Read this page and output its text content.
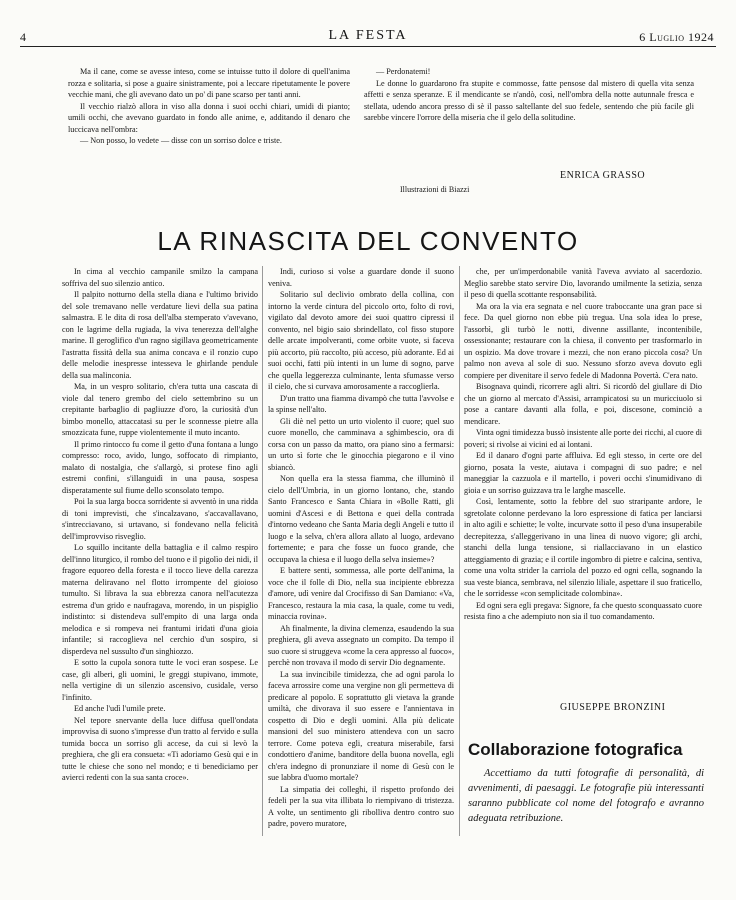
4	LA FESTA	6 Luglio 1924

Ma il cane, come se avesse inteso, come se intuisse tutto il dolore di quell'anima rozza e solitaria, si pose a guaire sinistramente, poi a leccare ripetutamente le povere vecchie mani, che gli avevano dato un po' di pane scarso per tanti anni.

Il vecchio rialzò allora in viso alla donna i suoi occhi chiari, umidi di pianto; umili occhi, che avevano guardato in fondo alle anime, e, additando il denaro che luccicava nell'ombra:

— Non posso, lo vedete — disse con un sorriso dolce e triste.

— Perdonatemi!

Le donne lo guardarono fra stupite e commosse, fatte pensose dal mistero di quella vita senza affetti e senza speranze. E il mendicante se n'andò, così, nell'ombra della notte autunnale fresca e stellata, udendo ancora presso di sè il passo saltellante del suo fedele, sentendo che più facile gli sarebbe vincere l'orrore della miseria che il gelo della solitudine.

ENRICA GRASSO
Illustrazioni di Biazzi
LA RINASCITA DEL CONVENTO

In cima al vecchio campanile smilzo la campana soffriva del suo silenzio antico.

Il palpito notturno della stella diana e l'ultimo brivido del sole tremavano nelle verdature lievi della sua patina salmastra. E le dita di rosa dell'alba stemperato v'avevano, con le lagrime della rugiada, la viva tenerezza dell'alghe marine. Il geroglifico d'un ragno sigillava geometricamente l'astratta fissità della sua anima concava e il ronzio cupo delle melodie inespresse intesseva le ghirlande pendule della sua malinconia.

Ma, in un vespro solitario, ch'era tutta una cascata di viole dal tenero grembo del cielo settembrino su un crepitante barbaglio di pagliuzze d'oro, la curiosità d'un bimbo monello, attaccatasi su per le sconnesse pietre alla smozzicata fune, ruppe violentemente il muto incanto.

Il primo rintocco fu come il getto d'una fontana a lungo compresso: roco, avido, lungo, soffocato di rimpianto, malato di nostalgia, che s'allargò, si protese fino agli estremi confini, s'illanguidì in una pausa, sospesa disperatamente sul fiume dello sconsolato tempo.

Poi la sua larga bocca sorridente si avventò in una ridda di toni imprevisti, che s'incalzavano, s'accavallavano, s'intrecciavano, si urtavano, si fondevano nella felicità dell'improvviso risveglio.

Lo squillo incitante della battaglia e il calmo respiro dell'inno liturgico, il rombo del tuono e il pigolìo dei nidi, il fragore equoreo della foresta e il tocco lieve della carezza materna deliravano nel flotto irrompente del gioioso tumulto. Si librava la sua ebbrezza canora nell'acutezza estrema d'un grido e naufragava, morendo, in un pispiglio indistinto: si distendeva sull'empito di una larga onda melodica e si rompeva nei frantumi iridati d'una gioia infantile; si raccoglieva nel cerchio d'un sospiro, si disperdeva nel sussulto d'un singhiozzo.

E sotto la cupola sonora tutte le voci eran sospese. Le case, gli alberi, gli uomini, le greggi stupivano, immote, nella vertigine di un silenzio ascensivo, cusidale, verso l'infinito.

Ed anche l'udì l'umile prete.

Nel tepore snervante della luce diffusa quell'ondata improvvisa di suono s'impresse d'un tratto al fervido e sulla tumida bocca un sorriso gli accese, da cui si levò la preghiera, che gli era consueta: «Ti adoriamo Gesù qui e in tutte le chiese che sono nel mondo; e ti benediciamo per avierci redenti con la sua santa croce».

Indi, curioso si volse a guardare donde il suono veniva.

Solitario sul declivio ombrato della collina, con intorno la verde cintura del piccolo orto, folto di rovi, vigilato dal devoto amore dei suoi quattro cipressi il convento, nel bigio saio sbrindellato, col fisso stupore delle arcate impolveranti, come orbite vuote, si faceva più accorto, più raccolto, più acceso, più adorante. Ed ai suoi occhi, fatti più intenti in un lume di sogno, parve che quella leggerezza culminante, lenta sfumasse verso il cielo, che si curvava amorosamente a raccoglierla.

D'un tratto una fiamma divampò che tutta l'avvolse e la spinse nell'alto.

Gli diè nel petto un urto violento il cuore; quel suo cuore monello, che camminava a sghimbescio, ora di corsa con un passo da matto, ora piano sino a fermarsi: un urto sì forte che le ginocchia piegarono e il vino sbiancò.

Non quella era la stessa fiamma, che illuminò il cielo dell'Umbria, in un giorno lontano, che, stando Santo Francesco e Santa Chiara in «Bolle Ratti, gli uomini d'Ascesi e di Bettona e quei della contrada d'intorno vedeano che Santa Maria degli Angeli e tutto il luogo e la selva, ch'era allora allato al luogo, ardevano fortemente; e para che fosse un fuoco grande, che occupava la chiesa e il luogo della selva insieme»?

E battere senti, sommessa, alle porte dell'anima, la voce che il folle di Dio, nella sua incipiente ebbrezza d'amore, udì venire dal Crocifisso di San Damiano: «Va, Francesco, restaura la mia casa, la quale, come tu vedi, minaccia rovina».

Ah finalmente, la divina clemenza, esaudendo la sua preghiera, gli aveva assegnato un compito. Da tempo il suo cuore si struggeva «come la cera appresso al fuoco», perchè non trovava il modo di servir Dio degnamente.

La sua invincibile timidezza, che ad ogni parola lo faceva arrossire come una vergine non gli permetteva di predicare al popolo. E soprattutto gli vietava la grande umiltà, che divorava il suo essere e l'annientava in cospetto di Dio e degli uomini. Alla più delicate mansioni del suo ministero attendeva con un sacro terrore. Come poteva egli, creatura miserabile, farsi condottiero d'anime, banditore della buona novella, egli ch'era indegno di pronunziare il nome di Gesù con le sue labbra d'uomo mortale?

La simpatia dei colleghi, il rispetto profondo dei fedeli per la sua vita illibata lo riempivano di tristezza. A volte, un sentimento gli ribolliva dentro contro suo padre, povero muratore,

che, per un'imperdonabile vanità l'aveva avviato al sacerdozio. Meglio sarebbe stato servire Dio, lavorando umilmente la setizia, senza il peso di quella scottante responsabilità.

Ma ora la via era segnata e nel cuore traboccante una gran pace si fece. Da quel giorno non ebbe più tregua. Una sola idea lo prese, l'assorbì, gli turbò le notti, divenne assillante, incontenibile, ossessionante; restaurare con la chiesa, il convento per trasformarlo in un ospizio. Ma dove trovare i mezzi, che non erano piccola cosa? Un palmo non aveva al sole di suo. Nessuno sforzo aveva dovuto egli compiere per divenitare il servo fedele di Madonna Povertà. C'era nato.

Bisognava quindi, ricorrere agli altri. Si ricordò del giullare di Dio che un giorno al mercato d'Assisi, arrampicatosi su un muricciuolo si pose a cantare davanti alla folla, e poi, discesone, cominciò a mendicare.

Vinta ogni timidezza bussò insistente alle porte dei ricchi, al cuore di poveri; si rivolse ai vicini ed ai lontani.

Ed il danaro d'ogni parte affluiva. Ed egli stesso, in certe ore del giorno, posata la veste, aiutava i compagni di suo padre; e nel maneggiar la cazzuola e il martello, i poveri occhi s'inumidivano di gioia e un sorriso guizzava tra le larghe mascelle.

Così, lentamente, sotto la febbre del suo straripante ardore, le sgretolate colonne perdevano la loro espressione di fatica per lanciarsi in alto agili e schiette; le volte, incurvate sotto il peso d'una insuperabile decrepitezza, s'alleggerivano in una linea di nuovo vigore; gli archi, stanchi della lunga tensione, si riallacciavano in un elastico atteggiamento di grazia; e il cortile ingombro di pietre e calcina, sentiva, come una volta strider la carriola del pozzo ed ogni cella, sognando la sua veste bianca, sembrava, nel silenzio liliale, aspettare il suo fraticello, che le sorridesse «con semplicitade colombina».

Ed ogni sera egli pregava: Signore, fa che questo sconquassato cuore resista fino a che adempiuto non sia il tuo comandamento.

GIUSEPPE BRONZINI
Collaborazione fotografica

Accettiamo da tutti fotografie di personalità, di avvenimenti, di paesaggi. Le fotografie più interessanti saranno pubblicate col nome del fotografo e avranno adeguata retribuzione.
